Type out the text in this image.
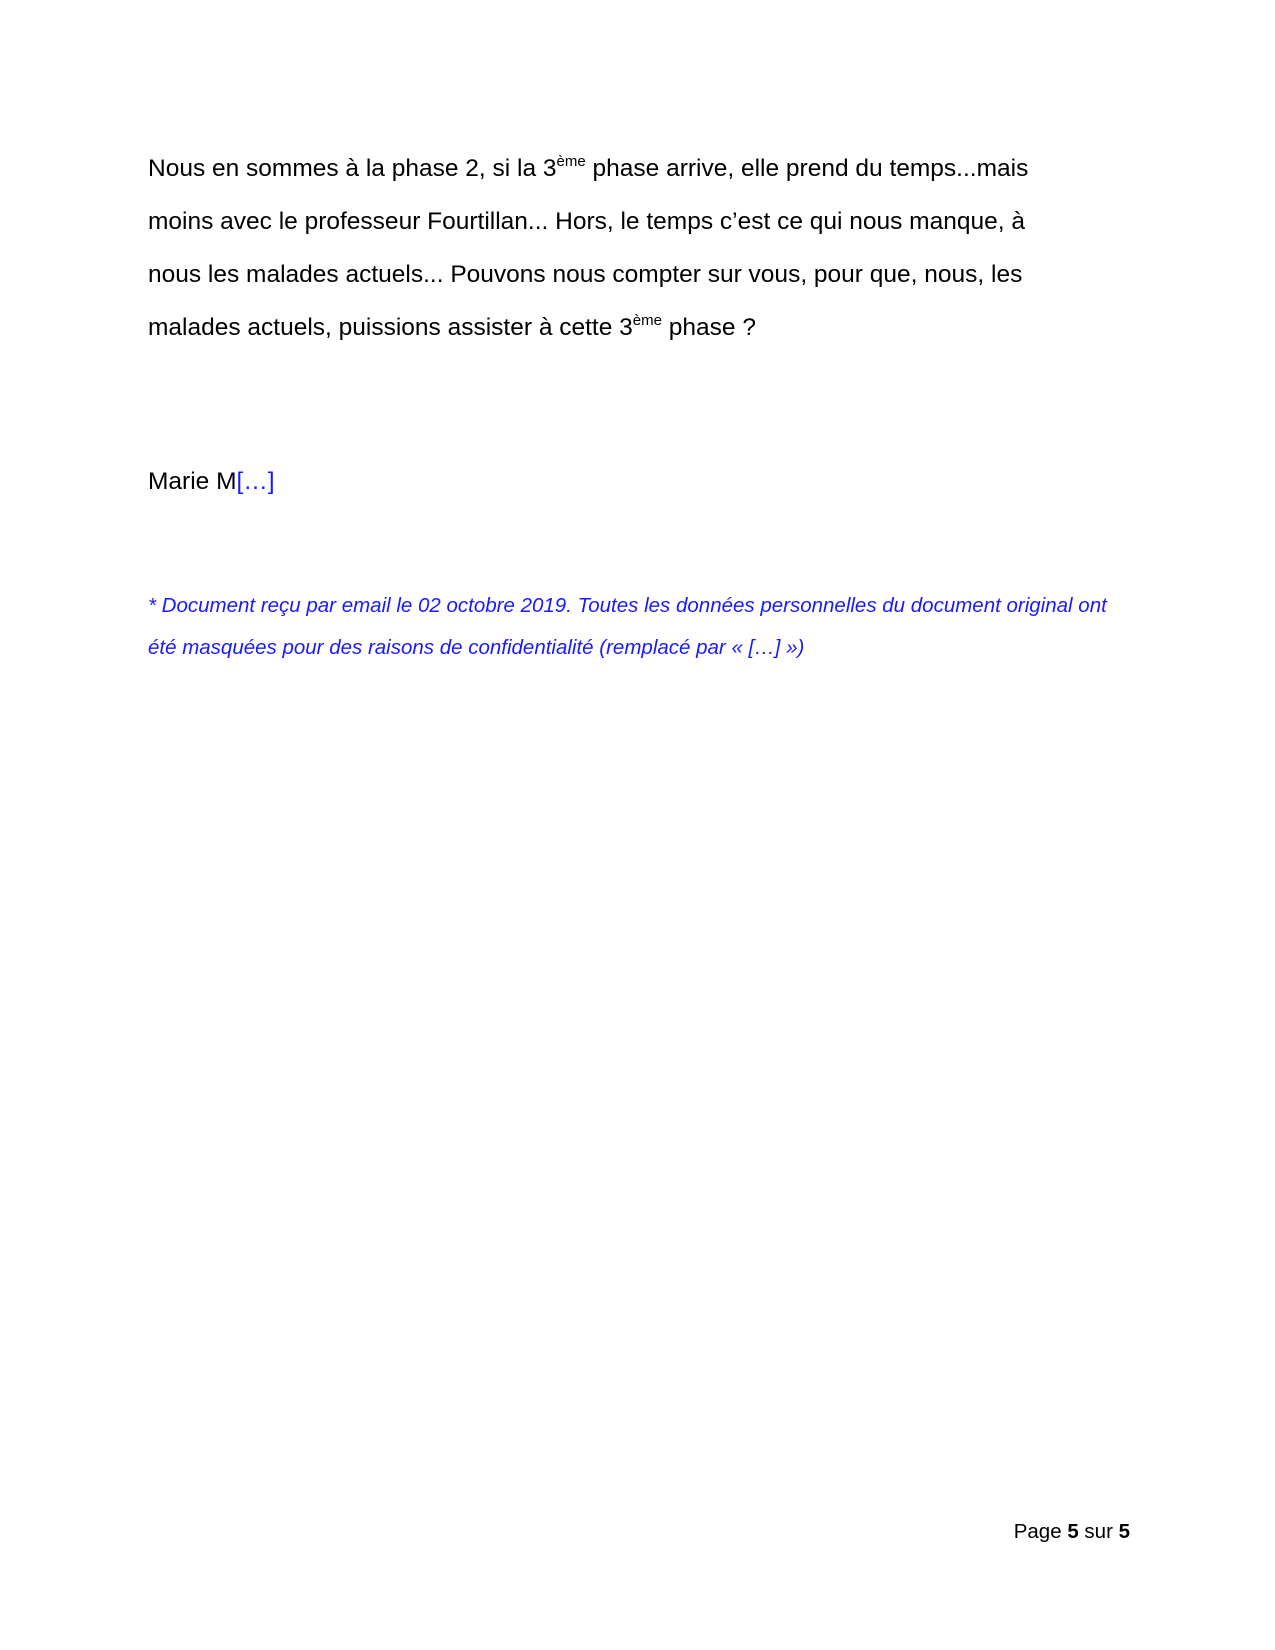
Nous en sommes à la phase 2, si la 3ème phase arrive, elle prend du temps...mais
moins avec le professeur Fourtillan... Hors, le temps c’est ce qui nous manque, à
nous les malades actuels... Pouvons nous compter sur vous, pour que, nous, les
malades actuels, puissions assister à cette 3ème phase ?

Marie M[…]

* Document reçu par email le 02 octobre 2019. Toutes les données personnelles du document original ont
été masquées pour des raisons de confidentialité (remplacé par « […] »)

Page 5 sur 5
